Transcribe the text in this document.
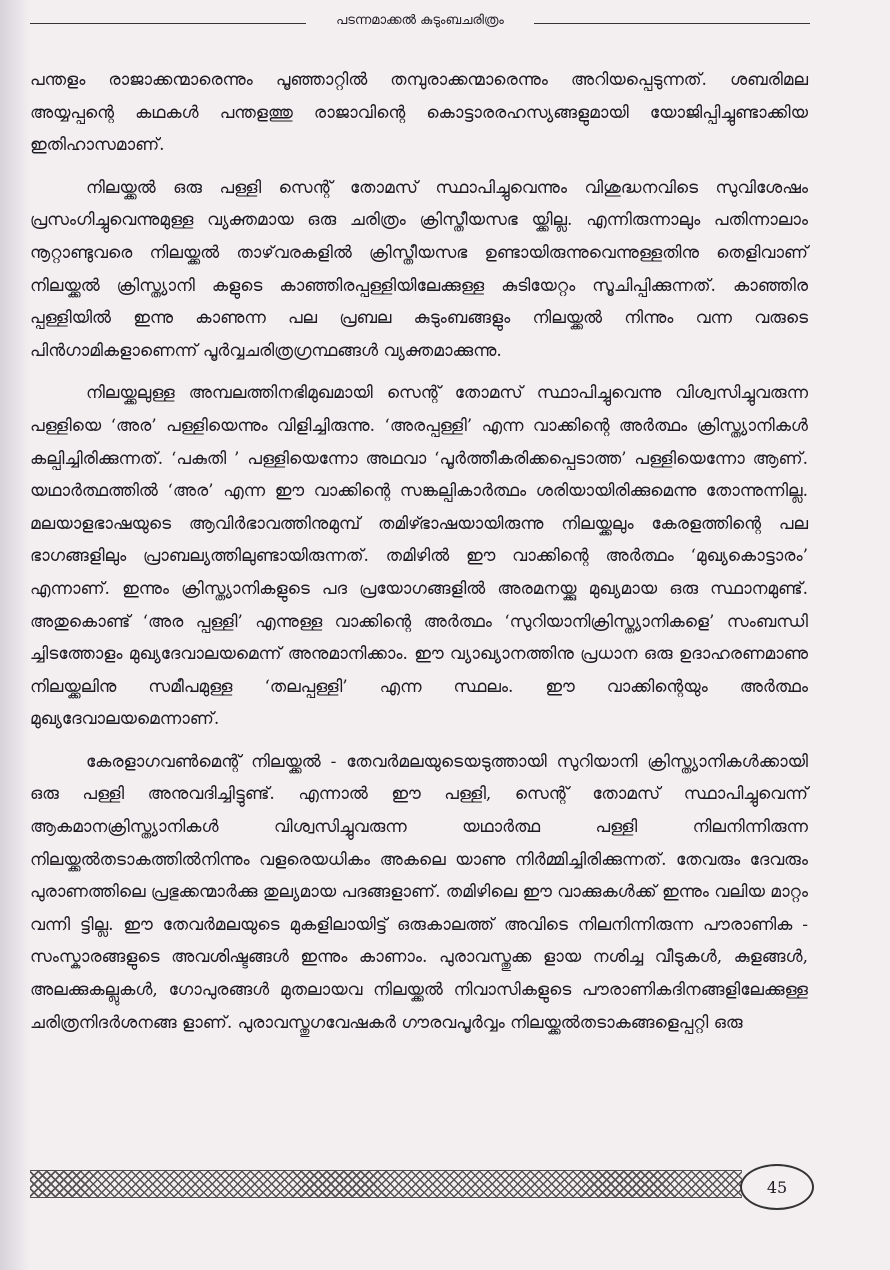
പടന്നമാക്കൽ കുടുംബചരിത്രം

പന്തളം രാജാക്കന്മാരെന്നും പൂഞ്ഞാറ്റിൽ തമ്പുരാക്കന്മാരെന്നും അറിയപ്പെടുന്നത്. ശബരിമല അയ്യപ്പന്റെ കഥകൾ പന്തളത്തു രാജാവിന്റെ കൊട്ടാരരഹസ്യങ്ങളുമായി യോജിപ്പിച്ചുണ്ടാക്കിയ ഇതിഹാസമാണ്.

നിലയ്ക്കൽ ഒരു പള്ളി സെന്റ് തോമസ് സ്ഥാപിച്ചുവെന്നും വിശുദ്ധനവിടെ സുവിശേഷം പ്രസംഗിച്ചുവെന്നുമുള്ള വ്യക്തമായ ഒരു ചരിത്രം ക്രിസ്തീയസഭ യ്ക്കില്ല. എന്നിരുന്നാലും പതിന്നാലാം നൂറ്റാണ്ടുവരെ നിലയ്ക്കൽ താഴ്‌വരകളിൽ ക്രിസ്തീയസഭ ഉണ്ടായിരുന്നുവെന്നുള്ളതിനു തെളിവാണ് നിലയ്ക്കൽ ക്രിസ്ത്യാനി കളുടെ കാഞ്ഞിരപ്പള്ളിയിലേക്കുള്ള കുടിയേറ്റം സൂചിപ്പിക്കുന്നത്. കാഞ്ഞിര പ്പള്ളിയിൽ ഇന്നു കാണുന്ന പല പ്രബല കുടുംബങ്ങളും നിലയ്ക്കൽ നിന്നും വന്ന വരുടെ പിൻഗാമികളാണെന്ന് പൂർവ്വചരിത്രഗ്രന്ഥങ്ങൾ വ്യക്തമാക്കുന്നു.

നിലയ്ക്കലുള്ള അമ്പലത്തിനഭിമുഖമായി സെന്റ് തോമസ് സ്ഥാപിച്ചുവെന്നു വിശ്വസിച്ചുവരുന്ന പള്ളിയെ ‘അര’ പള്ളിയെന്നും വിളിച്ചിരുന്നു. ‘അരപ്പള്ളി’ എന്ന വാക്കിന്റെ അർത്ഥം ക്രിസ്ത്യാനികൾ കല്പിച്ചിരിക്കുന്നത്. ‘പകുതി ’ പള്ളിയെന്നോ അഥവാ ‘പൂർത്തീകരിക്കപ്പെടാത്ത’ പള്ളിയെന്നോ ആണ്. യഥാർത്ഥത്തിൽ ‘അര’ എന്ന ഈ വാക്കിന്റെ സങ്കല്പികാർത്ഥം ശരിയായിരിക്കുമെന്നു തോന്നുന്നില്ല. മലയാളഭാഷയുടെ ആവിർഭാവത്തിനുമുമ്പ് തമിഴ്ഭാഷയായിരുന്നു നിലയ്ക്കലും കേരളത്തിന്റെ പല ഭാഗങ്ങളിലും പ്രാബല്യത്തിലുണ്ടായിരുന്നത്. തമിഴിൽ ഈ വാക്കിന്റെ അർത്ഥം ‘മുഖ്യകൊട്ടാരം’ എന്നാണ്. ഇന്നും ക്രിസ്ത്യാനികളുടെ പദ പ്രയോഗങ്ങളിൽ അരമനയ്ക്കു മുഖ്യമായ ഒരു സ്ഥാനമുണ്ട്. അതുകൊണ്ട് ‘അര പ്പള്ളി’ എന്നുള്ള വാക്കിന്റെ അർത്ഥം ‘സുറിയാനിക്രിസ്ത്യാനികളെ’ സംബന്ധി ച്ചിടത്തോളം മുഖ്യദേവാലയമെന്ന് അനുമാനിക്കാം. ഈ വ്യാഖ്യാനത്തിനു പ്രധാന ഒരു ഉദാഹരണമാണു നിലയ്ക്കലിനു സമീപമുള്ള ‘തലപ്പള്ളി’ എന്ന സ്ഥലം. ഈ വാക്കിന്റെയും അർത്ഥം മുഖ്യദേവാലയമെന്നാണ്.

കേരളാഗവൺമെന്റ് നിലയ്ക്കൽ - തേവർമലയുടെയടുത്തായി സുറിയാനി ക്രിസ്ത്യാനികൾക്കായി ഒരു പള്ളി അനുവദിച്ചിട്ടുണ്ട്. എന്നാൽ ഈ പള്ളി, സെന്റ് തോമസ് സ്ഥാപിച്ചുവെന്ന് ആകമാനക്രിസ്ത്യാനികൾ വിശ്വസിച്ചുവരുന്ന യഥാർത്ഥ പള്ളി നിലനിന്നിരുന്ന നിലയ്ക്കൽതടാകത്തിൽനിന്നും വളരെയധികം അകലെ യാണു നിർമ്മിച്ചിരിക്കുന്നത്. തേവരും ദേവരും പുരാണത്തിലെ പ്രഭുക്കന്മാർക്കു തുല്യമായ പദങ്ങളാണ്. തമിഴിലെ ഈ വാക്കുകൾക്ക് ഇന്നും വലിയ മാറ്റം വന്നി ട്ടില്ല. ഈ തേവർമലയുടെ മുകളിലായിട്ട് ഒരുകാലത്ത് അവിടെ നിലനിന്നിരുന്ന പൗരാണിക - സംസ്കാരങ്ങളുടെ അവശിഷ്ടങ്ങൾ ഇന്നും കാണാം. പുരാവസ്തുക്ക ളായ നശിച്ച വീടുകൾ, കുളങ്ങൾ, അലക്കുകല്ലുകൾ, ഗോപുരങ്ങൾ മുതലായവ നിലയ്ക്കൽ നിവാസികളുടെ പൗരാണികദിനങ്ങളിലേക്കുള്ള ചരിത്രനിദർശനങ്ങ ളാണ്. പുരാവസ്തുഗവേഷകർ ഗൗരവപൂർവ്വം നിലയ്ക്കൽതടാകങ്ങളെപ്പറ്റി ഒരു

45
